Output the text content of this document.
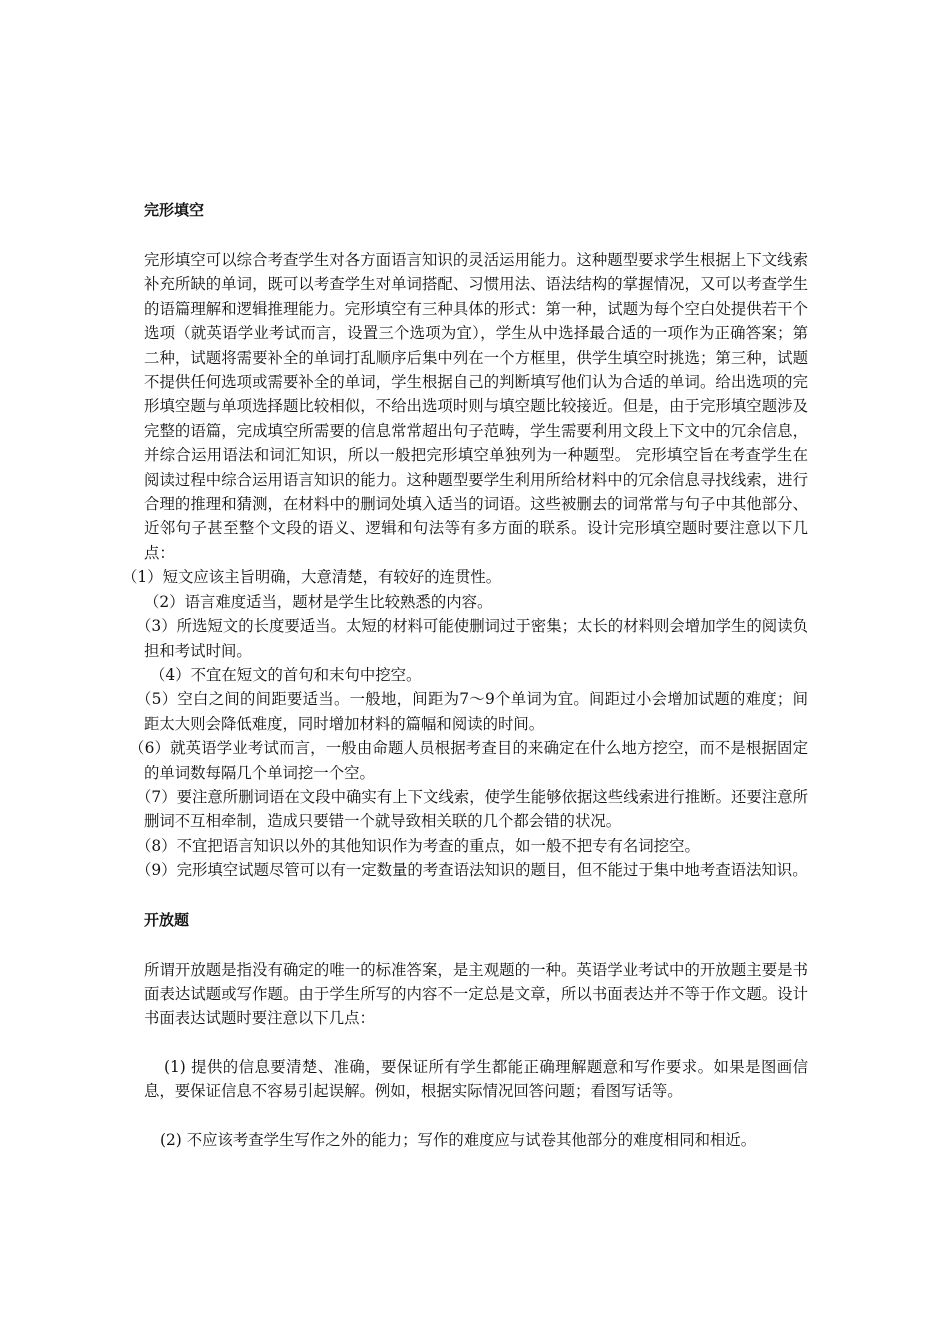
完形填空

完形填空可以综合考查学生对各方面语言知识的灵活运用能力。这种题型要求学生根据上下文线索补充所缺的单词，既可以考查学生对单词搭配、习惯用法、语法结构的掌握情况，又可以考查学生的语篇理解和逻辑推理能力。完形填空有三种具体的形式：第一种，试题为每个空白处提供若干个选项（就英语学业考试而言，设置三个选项为宜），学生从中选择最合适的一项作为正确答案；第二种，试题将需要补全的单词打乱顺序后集中列在一个方框里，供学生填空时挑选；第三种，试题不提供任何选项或需要补全的单词，学生根据自己的判断填写他们认为合适的单词。给出选项的完形填空题与单项选择题比较相似，不给出选项时则与填空题比较接近。但是，由于完形填空题涉及完整的语篇，完成填空所需要的信息常常超出句子范畴，学生需要利用文段上下文中的冗余信息，并综合运用语法和词汇知识，所以一般把完形填空单独列为一种题型。 完形填空旨在考查学生在阅读过程中综合运用语言知识的能力。这种题型要学生利用所给材料中的冗余信息寻找线索，进行合理的推理和猜测，在材料中的删词处填入适当的词语。这些被删去的词常常与句子中其他部分、近邻句子甚至整个文段的语义、逻辑和句法等有多方面的联系。设计完形填空题时要注意以下几点：

（1）短文应该主旨明确，大意清楚，有较好的连贯性。

（2）语言难度适当，题材是学生比较熟悉的内容。

（3）所选短文的长度要适当。太短的材料可能使删词过于密集；太长的材料则会增加学生的阅读负担和考试时间。

（4）不宜在短文的首句和末句中挖空。

（5）空白之间的间距要适当。一般地，间距为7～9个单词为宜。间距过小会增加试题的难度；间距太大则会降低难度，同时增加材料的篇幅和阅读的时间。

（6）就英语学业考试而言，一般由命题人员根据考查目的来确定在什么地方挖空，而不是根据固定的单词数每隔几个单词挖一个空。

（7）要注意所删词语在文段中确实有上下文线索，使学生能够依据这些线索进行推断。还要注意所删词不互相牵制，造成只要错一个就导致相关联的几个都会错的状况。

（8）不宜把语言知识以外的其他知识作为考查的重点，如一般不把专有名词挖空。

（9）完形填空试题尽管可以有一定数量的考查语法知识的题目，但不能过于集中地考查语法知识。

开放题

所谓开放题是指没有确定的唯一的标准答案，是主观题的一种。英语学业考试中的开放题主要是书面表达试题或写作题。由于学生所写的内容不一定总是文章，所以书面表达并不等于作文题。设计书面表达试题时要注意以下几点：

(1) 提供的信息要清楚、准确，要保证所有学生都能正确理解题意和写作要求。如果是图画信息，要保证信息不容易引起误解。例如，根据实际情况回答问题；看图写话等。

(2) 不应该考查学生写作之外的能力；写作的难度应与试卷其他部分的难度相同和相近。
